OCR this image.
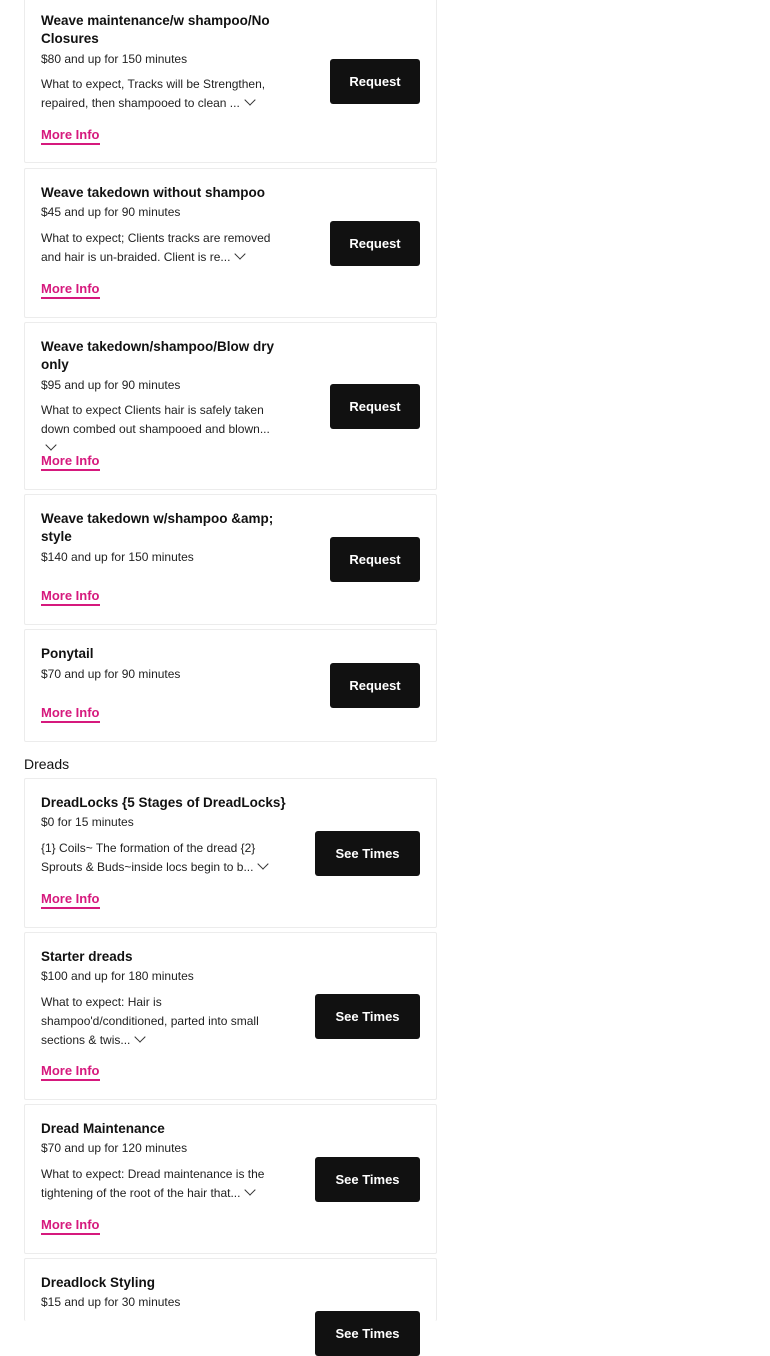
Weave maintenance/w shampoo/No Closures
$80 and up for 150 minutes
What to expect, Tracks will be Strengthen, repaired, then shampooed to clean ...
More Info
Request
Weave takedown without shampoo
$45 and up for 90 minutes
What to expect; Clients tracks are removed and hair is un-braided. Client is re...
More Info
Request
Weave takedown/shampoo/Blow dry only
$95 and up for 90 minutes
What to expect Clients hair is safely taken down combed out shampooed and blown...
More Info
Request
Weave takedown w/shampoo &amp; style
$140 and up for 150 minutes
More Info
Request
Ponytail
$70 and up for 90 minutes
More Info
Request
Dreads
DreadLocks {5 Stages of DreadLocks}
$0 for 15 minutes
{1} Coils~ The formation of the dread {2} Sprouts & Buds~inside locs begin to b...
More Info
See Times
Starter dreads
$100 and up for 180 minutes
What to expect: Hair is shampoo'd/conditioned, parted into small sections & twis...
More Info
See Times
Dread Maintenance
$70 and up for 120 minutes
What to expect: Dread maintenance is the tightening of the root of the hair that...
More Info
See Times
Dreadlock Styling
$15 and up for 30 minutes
See Times
